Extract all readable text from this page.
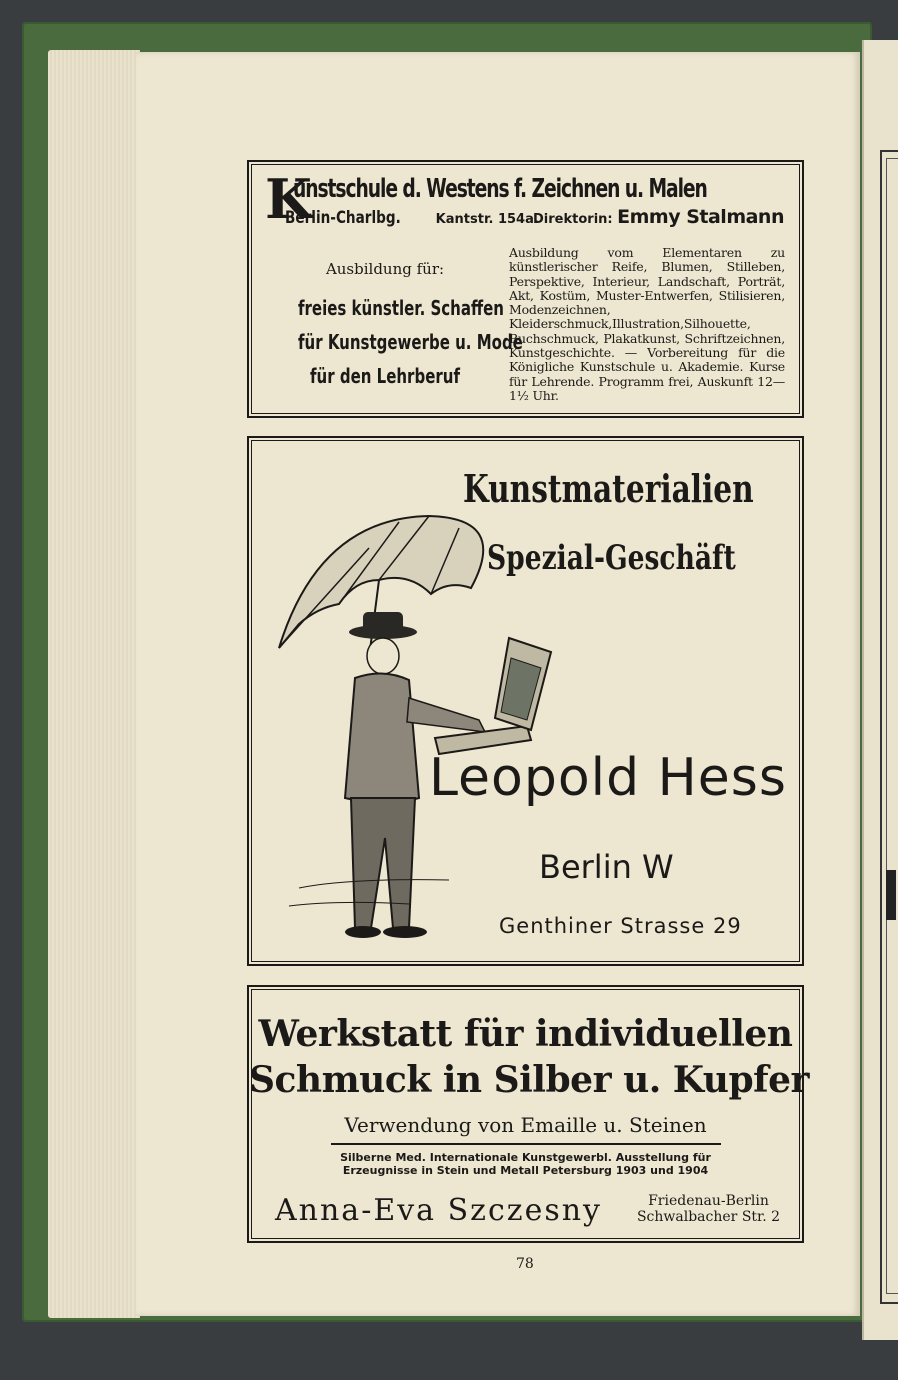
K
unstschule d. Westens f. Zeichnen u. Malen
Berlin-Charlbg.	Kantstr. 154a.
Direktorin: Emmy Stalmann
Ausbildung für:
freies künstler. Schaffen
für Kunstgewerbe u. Mode
für den Lehrberuf
Ausbildung vom Elementaren zu künstlerischer Reife, Blumen, Stilleben, Perspektive, Interieur, Landschaft, Porträt, Akt, Kostüm, Muster-Entwerfen, Stilisieren, Modenzeichnen, Kleiderschmuck,Illustration,Silhouette, Buchschmuck, Plakatkunst, Schriftzeichnen, Kunstgeschichte. — Vorbereitung für die Königliche Kunstschule u. Akademie. Kurse für Lehrende. Programm frei, Auskunft 12—1½ Uhr.
Kunstmaterialien
Spezial-Geschäft
Leopold Hess
Berlin W
Genthiner Strasse 29
Werkstatt für individuellen
Schmuck in Silber u. Kupfer
Verwendung von Emaille u. Steinen
Silberne Med. Internationale Kunstgewerbl. Ausstellung für
Erzeugnisse in Stein und Metall Petersburg 1903 und 1904
Anna-Eva Szczesny	Friedenau-Berlin
Schwalbacher Str. 2
78
